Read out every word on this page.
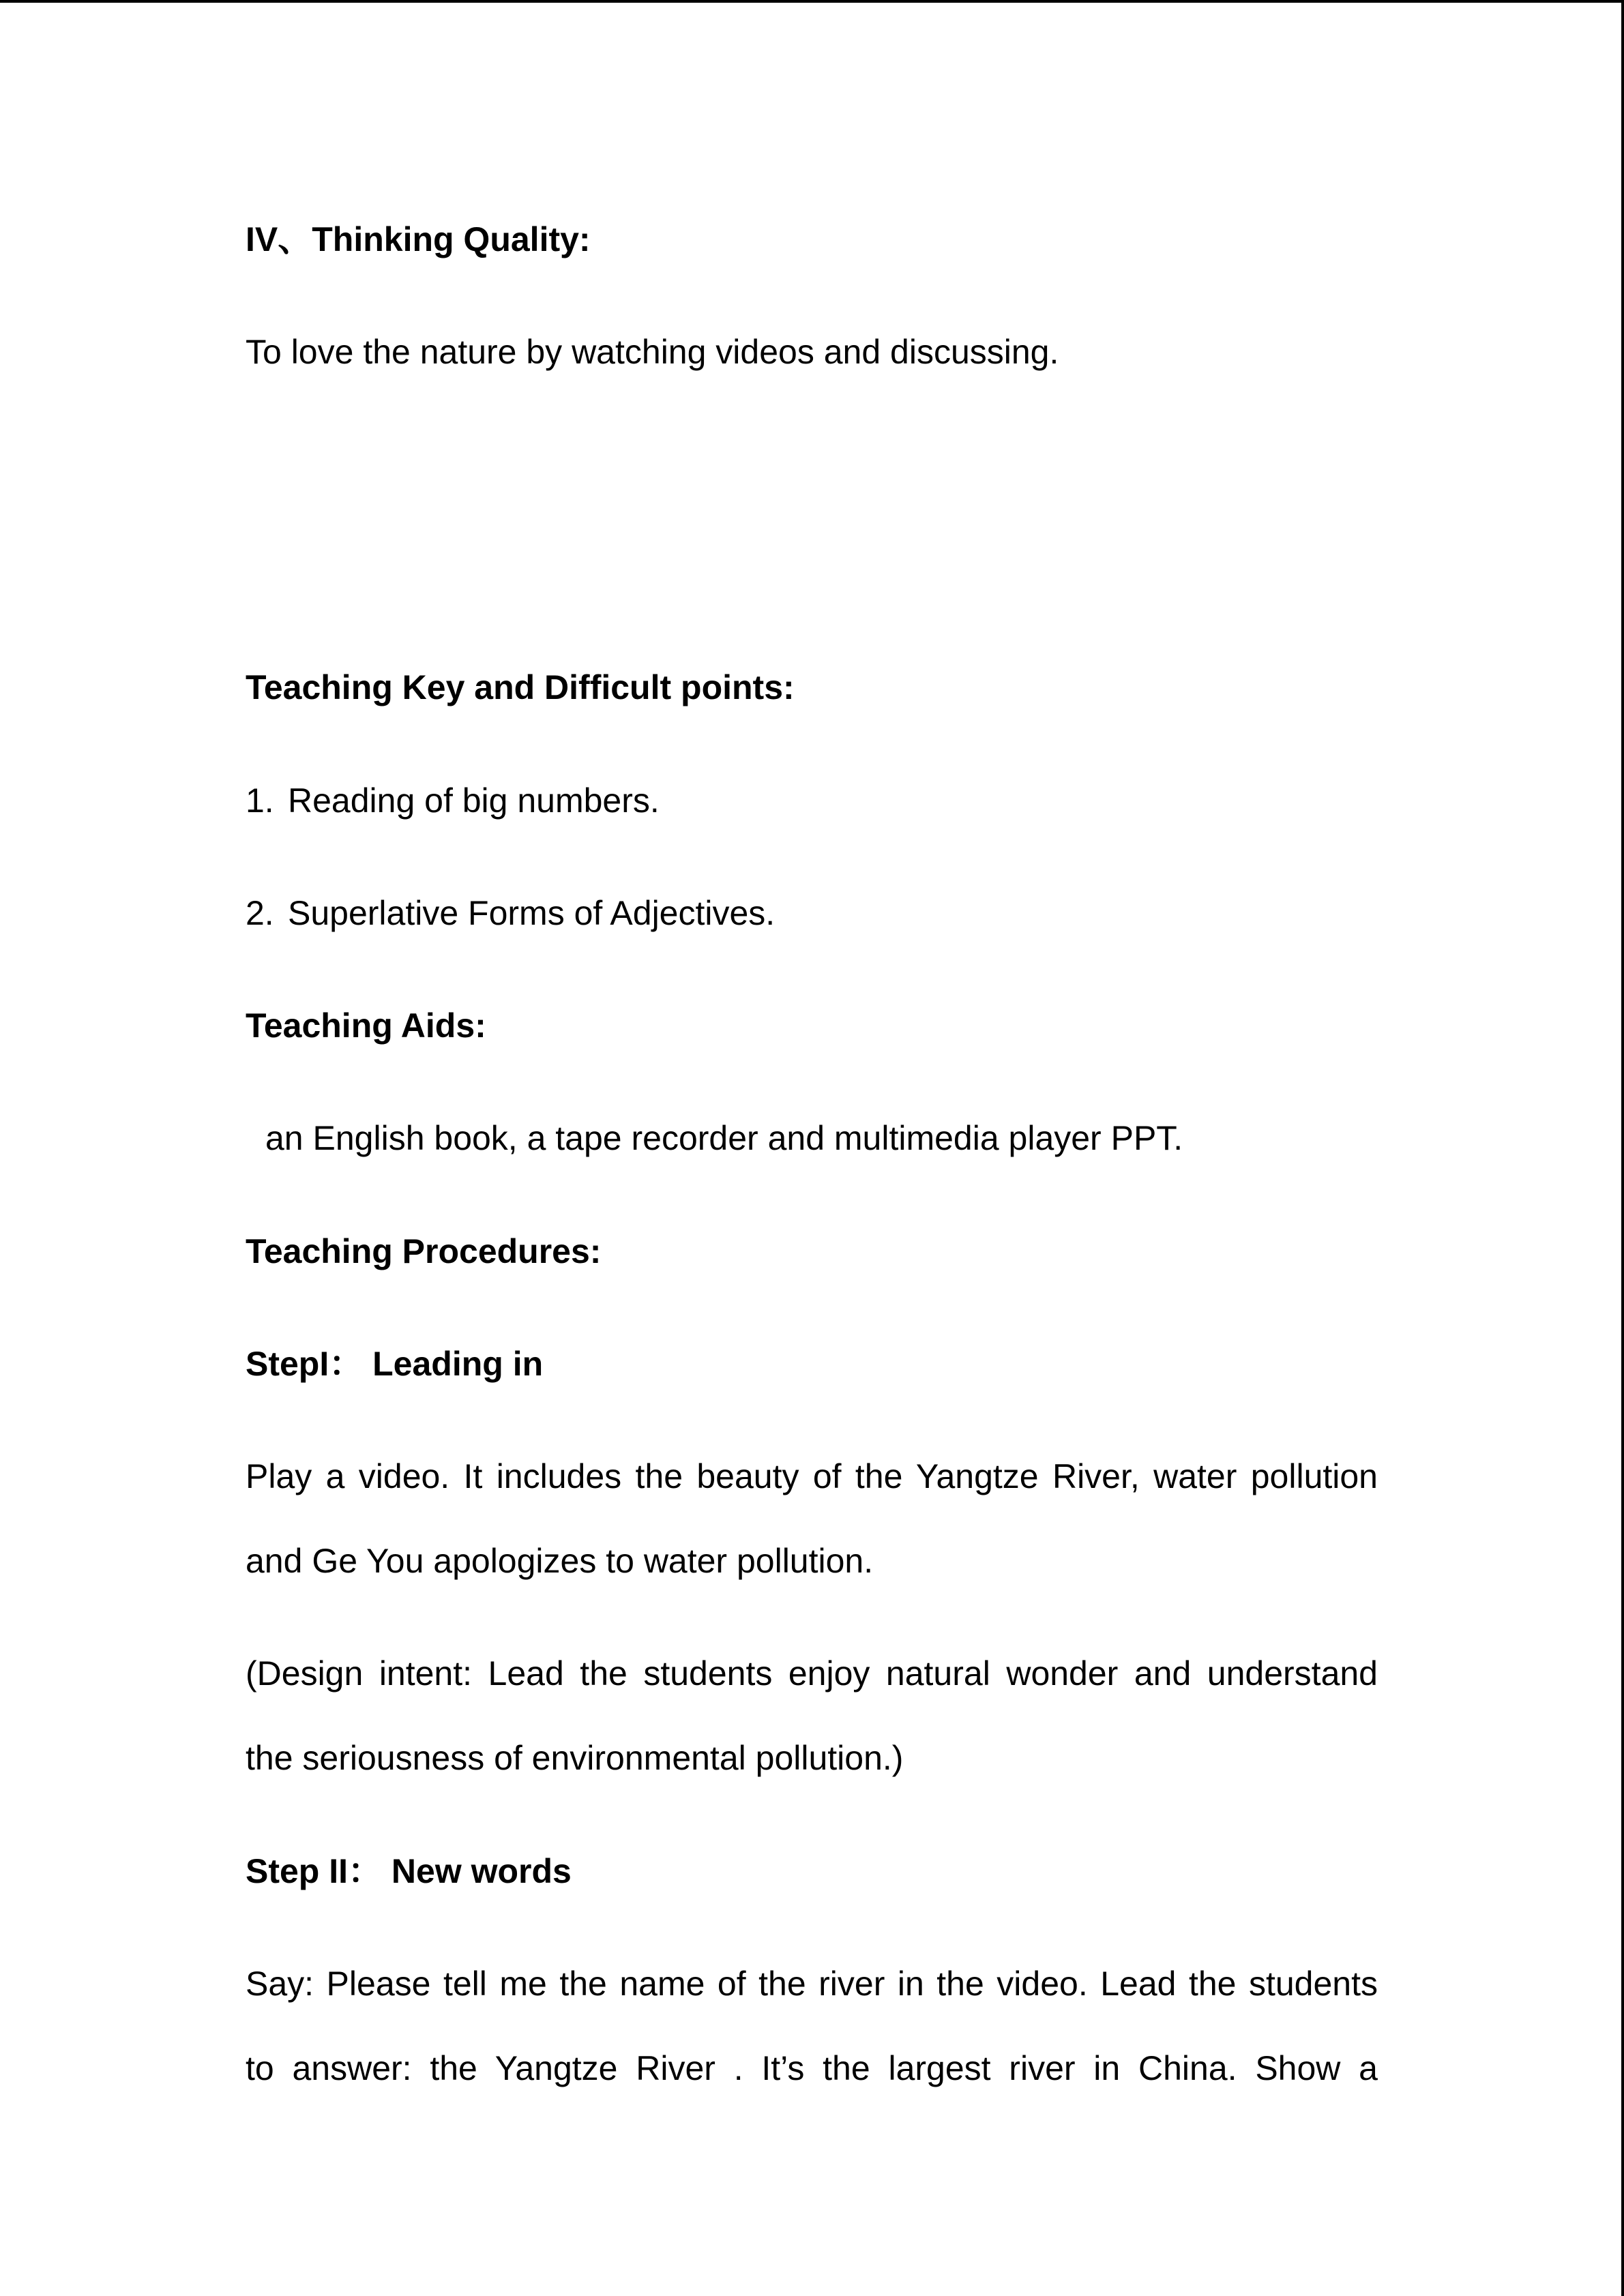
IV、Thinking Quality:
To love the nature by watching videos and discussing.
Teaching Key and Difficult points:
1. Reading of big numbers.
2. Superlative Forms of Adjectives.
Teaching Aids:
an English book, a tape recorder and multimedia player PPT.
Teaching Procedures:
StepI： Leading in
Play a video. It includes the beauty of the Yangtze River, water pollution
and Ge You apologizes to water pollution.
(Design intent: Lead the students enjoy natural wonder and understand
the seriousness of environmental pollution.)
Step II： New words
Say: Please tell me the name of the river in the video. Lead the students
to answer: the Yangtze River . It’s the largest river in China. Show a
